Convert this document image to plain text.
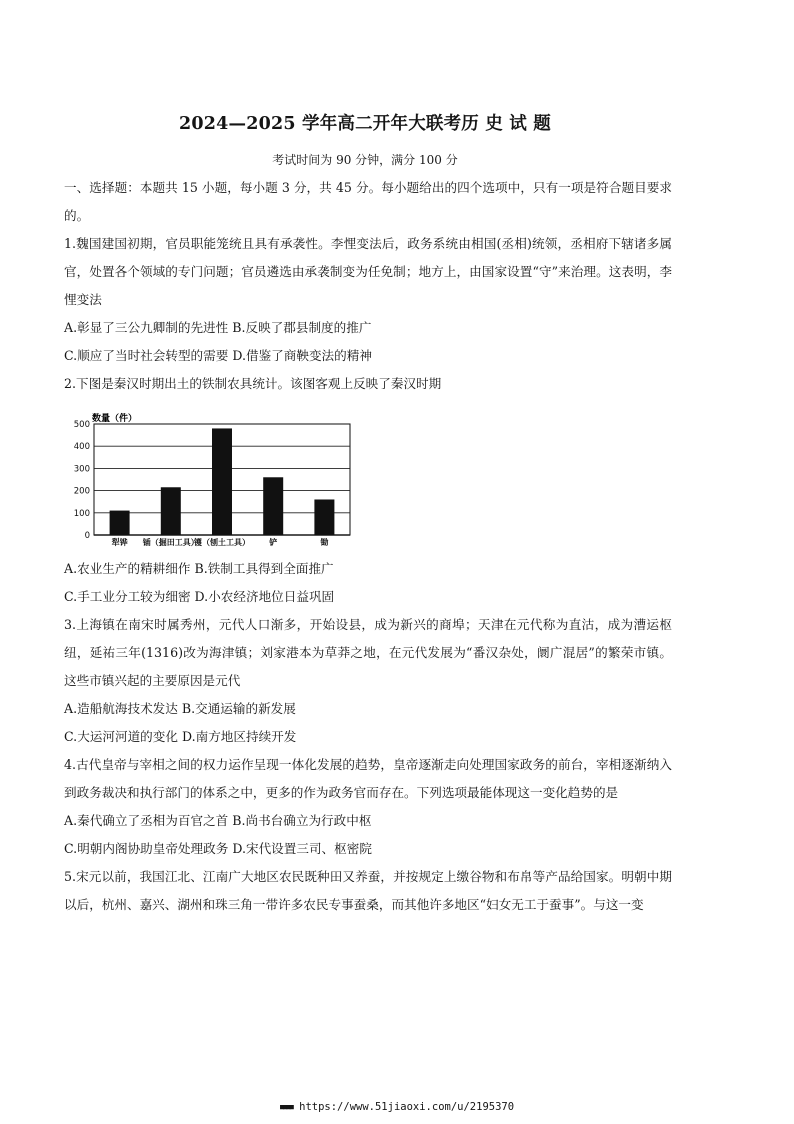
2024—2025 学年高二开年大联考历 史 试 题
考试时间为 90 分钟，满分 100 分

一、选择题：本题共 15 小题，每小题 3 分，共 45 分。每小题给出的四个选项中，只有一项是符合题目要求的。

1.魏国建国初期，官员职能笼统且具有承袭性。李悝变法后，政务系统由相国(丞相)统领，丞相府下辖诸多属官，处置各个领域的专门问题；官员遴选由承袭制变为任免制；地方上，由国家设置“守”来治理。这表明，李悝变法

A.彰显了三公九卿制的先进性 B.反映了郡县制度的推广

C.顺应了当时社会转型的需要 D.借鉴了商鞅变法的精神

2.下图是秦汉时期出土的铁制农具统计。该图客观上反映了秦汉时期

数量（件）
0
100
200
300
400
500
犁铧 锸（掘田工具）
镬（刨土工具） 铲	锄

A.农业生产的精耕细作 B.铁制工具得到全面推广

C.手工业分工较为细密 D.小农经济地位日益巩固

3.上海镇在南宋时属秀州，元代人口渐多，开始设县，成为新兴的商埠；天津在元代称为直沽，成为漕运枢纽，延祐三年(1316)改为海津镇；刘家港本为草莽之地，在元代发展为“番汉杂处，阛广混居”的繁荣市镇。这些市镇兴起的主要原因是元代

A.造船航海技术发达 B.交通运输的新发展

C.大运河河道的变化 D.南方地区持续开发

4.古代皇帝与宰相之间的权力运作呈现一体化发展的趋势，皇帝逐渐走向处理国家政务的前台，宰相逐渐纳入到政务裁决和执行部门的体系之中，更多的作为政务官而存在。下列选项最能体现这一变化趋势的是

A.秦代确立了丞相为百官之首 B.尚书台确立为行政中枢

C.明朝内阁协助皇帝处理政务 D.宋代设置三司、枢密院

5.宋元以前，我国江北、江南广大地区农民既种田又养蚕，并按规定上缴谷物和布帛等产品给国家。明朝中期以后，杭州、嘉兴、湖州和珠三角一带许多农民专事蚕桑，而其他许多地区“妇女无工于蚕事”。与这一变

■■■■ https://www.51jiaoxi.com/u/2195370
